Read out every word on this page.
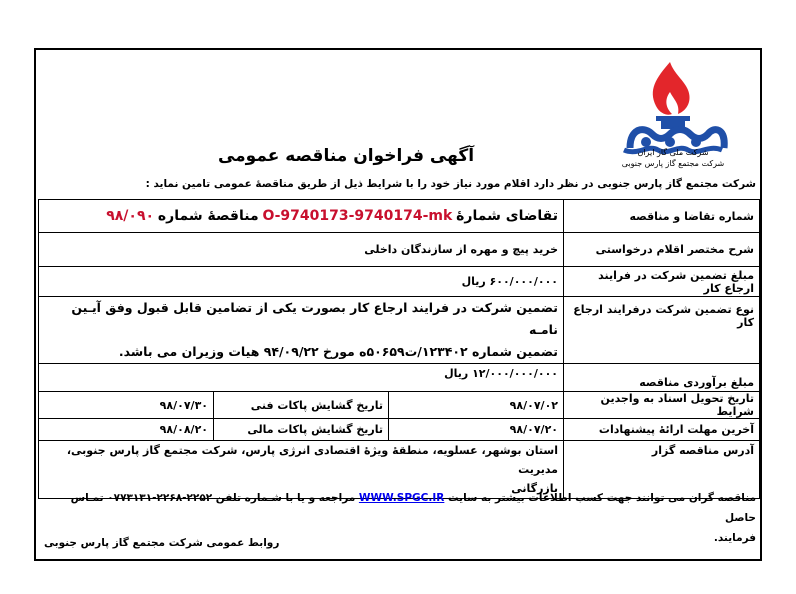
شرکت ملی گاز ایران
شرکت مجتمع گاز پارس جنوبی
آگهی فراخوان مناقصه عمومی
شرکت مجتمع گاز پارس جنوبی در نظر دارد اقلام مورد نیاز خود را با شرایط ذیل از طریق مناقصهٔ عمومی تامین نماید :
شماره تقاضا و مناقصه	تقاضای شمارهٔ O-9740173-9740174-mk مناقصهٔ شماره ۹۸/۰۹۰		
شرح مختصر اقلام درخواستی	خرید پیچ و مهره از سازندگان داخلی		
مبلغ تضمین شرکت در فرایند ارجاع کار	۶۰۰/۰۰۰/۰۰۰ ریال		
نوع تضمین شرکت درفرایند ارجاع کار	تضمین شرکت در فرایند ارجاع کار بصورت یکی از تضامین قابل قبول وفق آیـین نامـه
تضمین شماره ۱۲۳۴۰۲/ت۵۰۶۵۹ه مورخ ۹۴/۰۹/۲۲ هیات وزیران می باشد.		

مبلغ برآوردی مناقصه	۱۲/۰۰۰/۰۰۰/۰۰۰ ریال		
تاریخ تحویل اسناد به واجدین شرایط	۹۸/۰۷/۰۲	تاریخ گشایش پاکات فنی	۹۸/۰۷/۳۰
آخرین مهلت ارائهٔ پیشنهادات	۹۸/۰۷/۲۰	تاریخ گشایش پاکات مالی	۹۸/۰۸/۲۰
آدرس مناقصه گزار	استان بوشهر، عسلویه، منطقهٔ ویژهٔ اقتصادی انرژی پارس، شرکت مجتمع گاز پارس جنوبی، مدیریت
بازرگانی		
مناقصه گران می توانند جهت کسب اطلاعات بیشتر به سایت WWW.SPGC.IR مراجعه و یا با شـماره تلفن ۲۲۵۲-۲۲۶۸-۰۷۷۳۱۳۱ تمـاس حاصل
فرمایند.
روابط عمومی شرکت مجتمع گاز پارس جنوبی
